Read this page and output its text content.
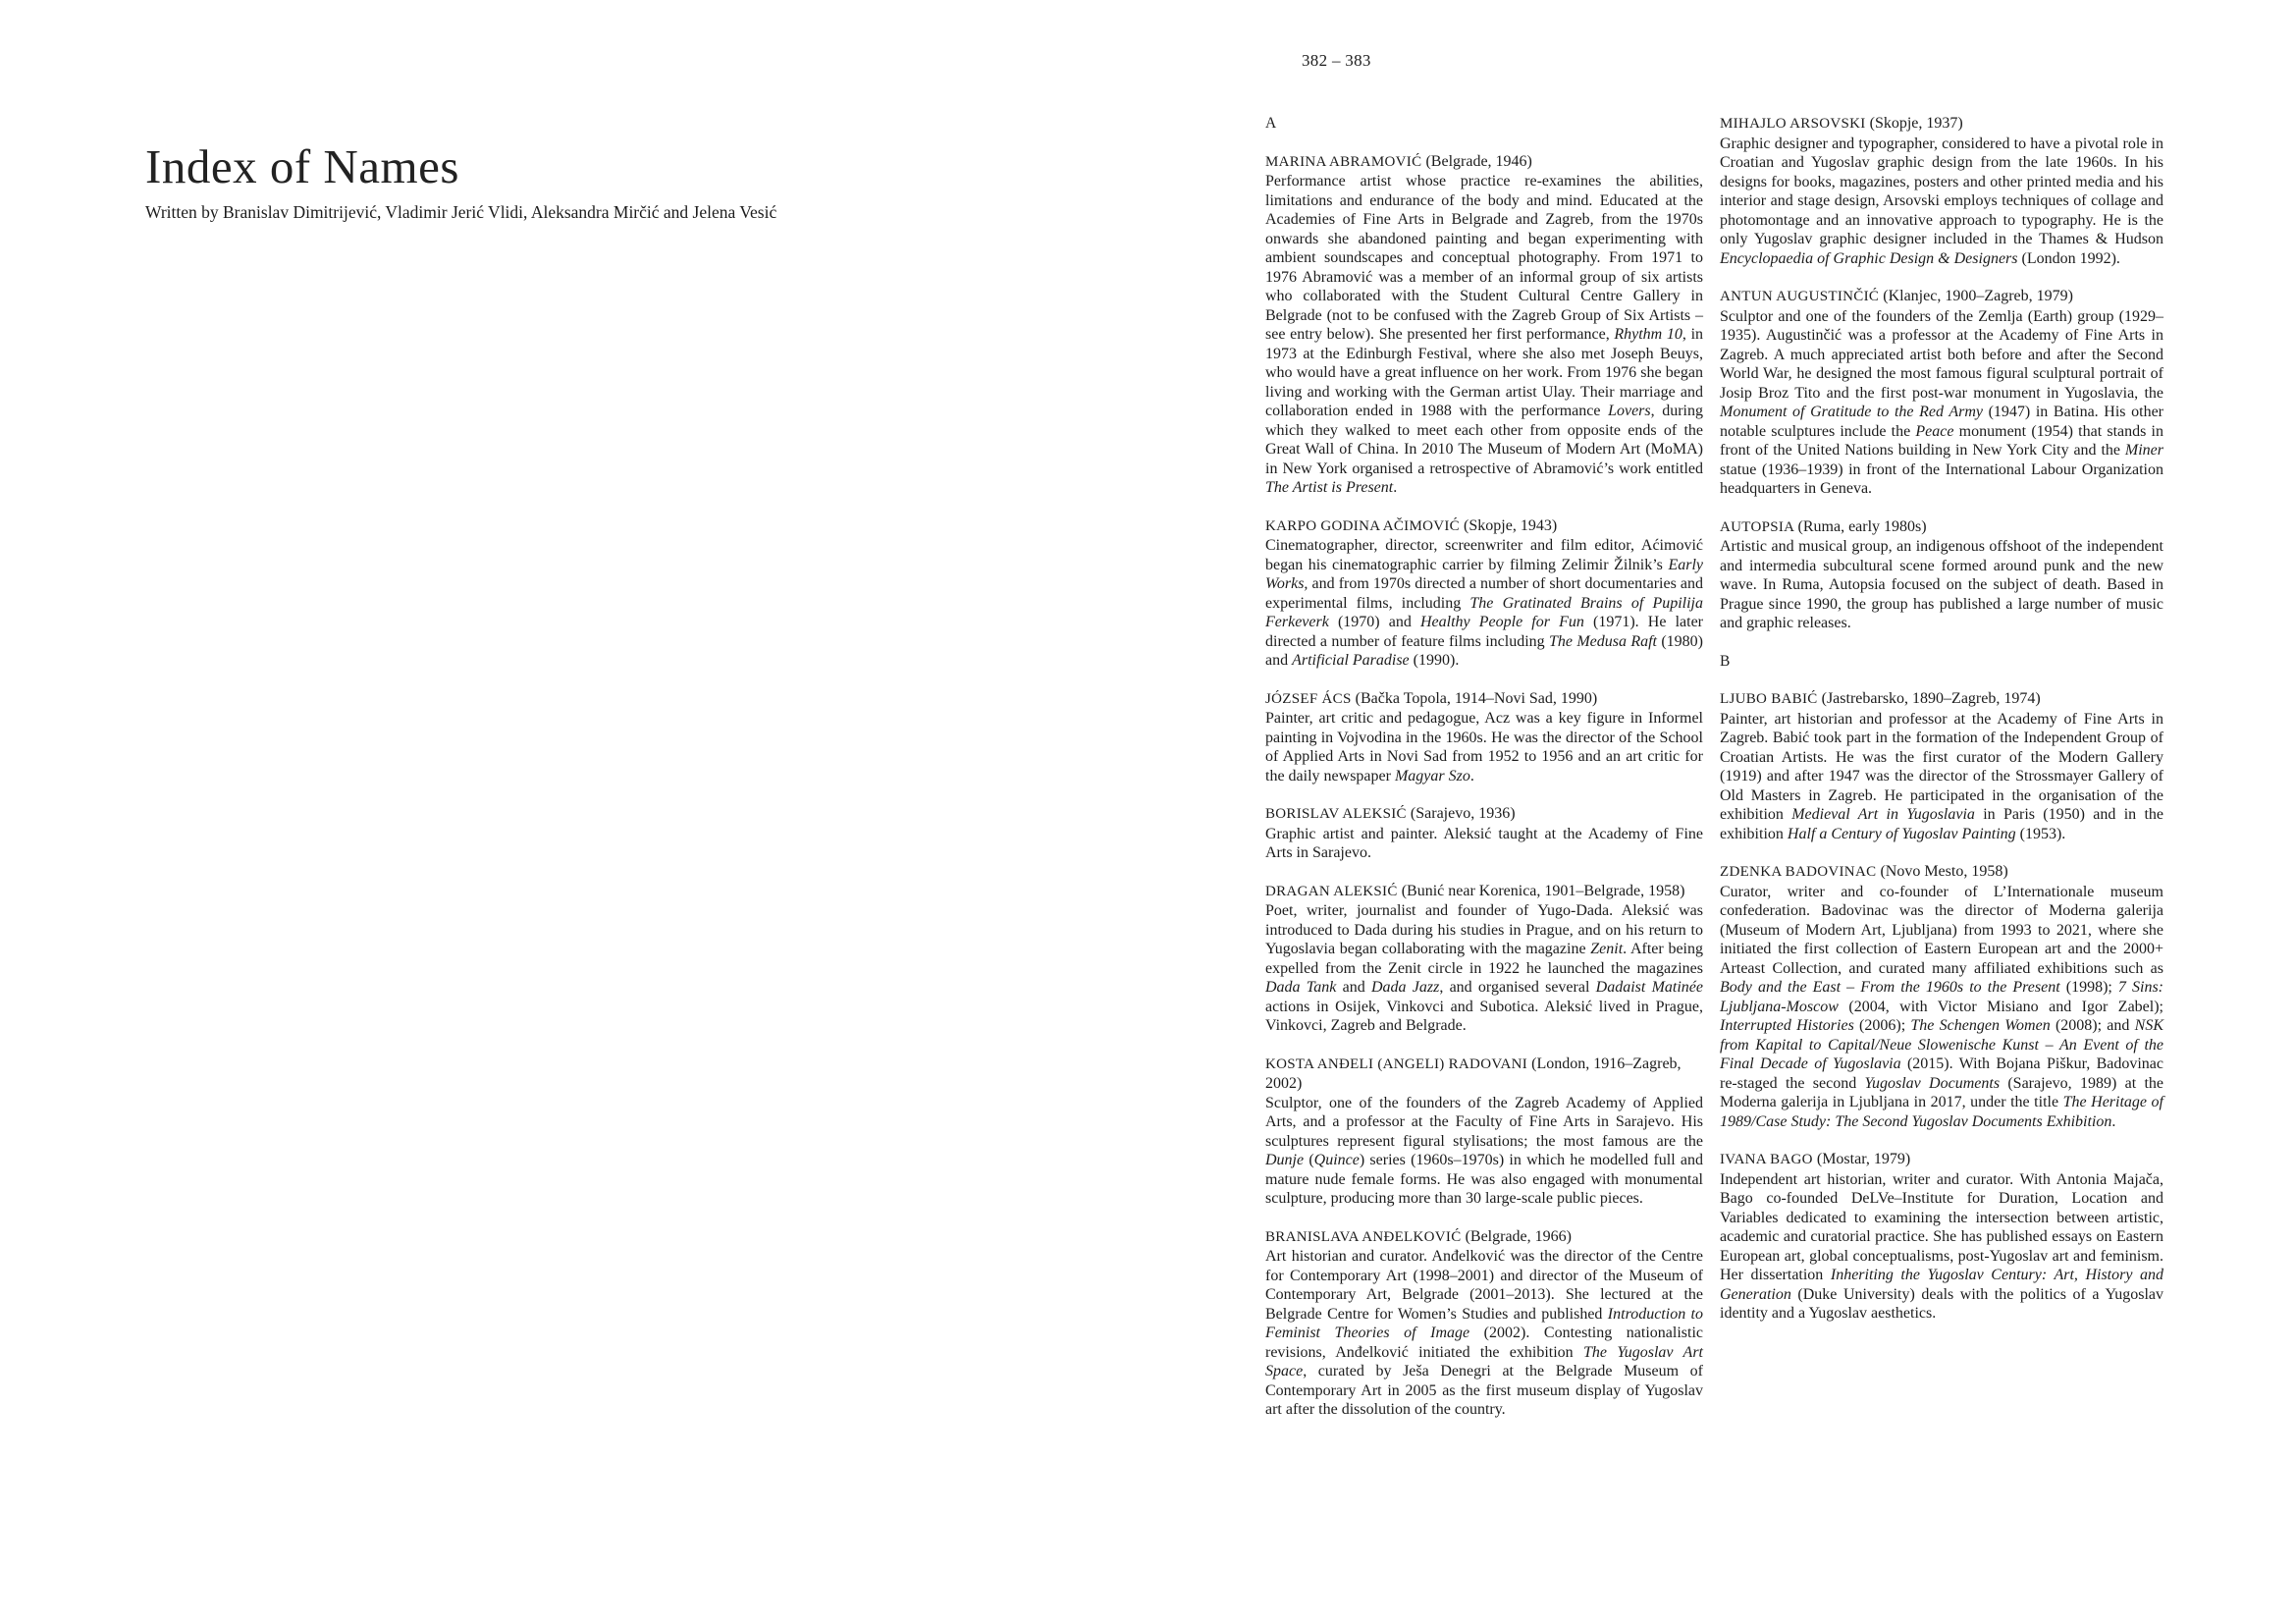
382 – 383
Index of Names
Written by Branislav Dimitrijević, Vladimir Jerić Vlidi, Aleksandra Mirčić and Jelena Vesić
A
MARINA ABRAMOVIĆ (Belgrade, 1946)
Performance artist whose practice re-examines the abilities, limitations and endurance of the body and mind. Educated at the Academies of Fine Arts in Belgrade and Zagreb, from the 1970s onwards she abandoned painting and began experimenting with ambient soundscapes and conceptual photography. From 1971 to 1976 Abramović was a member of an informal group of six artists who collaborated with the Student Cultural Centre Gallery in Belgrade (not to be confused with the Zagreb Group of Six Artists – see entry below). She presented her first performance, Rhythm 10, in 1973 at the Edinburgh Festival, where she also met Joseph Beuys, who would have a great influence on her work. From 1976 she began living and working with the German artist Ulay. Their marriage and collaboration ended in 1988 with the performance Lovers, during which they walked to meet each other from opposite ends of the Great Wall of China. In 2010 The Museum of Modern Art (MoMA) in New York organised a retrospective of Abramović’s work entitled The Artist is Present.
KARPO GODINA AČIMOVIĆ (Skopje, 1943)
Cinematographer, director, screenwriter and film editor, Aćimović began his cinematographic carrier by filming Zelimir Žilnik’s Early Works, and from 1970s directed a number of short documentaries and experimental films, including The Gratinated Brains of Pupilija Ferkeverk (1970) and Healthy People for Fun (1971). He later directed a number of feature films including The Medusa Raft (1980) and Artificial Paradise (1990).
JÓZSEF ÁCS (Bačka Topola, 1914–Novi Sad, 1990)
Painter, art critic and pedagogue, Acz was a key figure in Informel painting in Vojvodina in the 1960s. He was the director of the School of Applied Arts in Novi Sad from 1952 to 1956 and an art critic for the daily newspaper Magyar Szo.
BORISLAV ALEKSIĆ (Sarajevo, 1936)
Graphic artist and painter. Aleksić taught at the Academy of Fine Arts in Sarajevo.
DRAGAN ALEKSIĆ (Bunić near Korenica, 1901–Belgrade, 1958)
Poet, writer, journalist and founder of Yugo-Dada. Aleksić was introduced to Dada during his studies in Prague, and on his return to Yugoslavia began collaborating with the magazine Zenit. After being expelled from the Zenit circle in 1922 he launched the magazines Dada Tank and Dada Jazz, and organised several Dadaist Matinée actions in Osijek, Vinkovci and Subotica. Aleksić lived in Prague, Vinkovci, Zagreb and Belgrade.
KOSTA ANĐELI (ANGELI) RADOVANI (London, 1916–Zagreb, 2002)
Sculptor, one of the founders of the Zagreb Academy of Applied Arts, and a professor at the Faculty of Fine Arts in Sarajevo. His sculptures represent figural stylisations; the most famous are the Dunje (Quince) series (1960s–1970s) in which he modelled full and mature nude female forms. He was also engaged with monumental sculpture, producing more than 30 large-scale public pieces.
BRANISLAVA ANĐELKOVIĆ (Belgrade, 1966)
Art historian and curator. Anđelković was the director of the Centre for Contemporary Art (1998–2001) and director of the Museum of Contemporary Art, Belgrade (2001–2013). She lectured at the Belgrade Centre for Women’s Studies and published Introduction to Feminist Theories of Image (2002). Contesting nationalistic revisions, Anđelković initiated the exhibition The Yugoslav Art Space, curated by Ješa Denegri at the Belgrade Museum of Contemporary Art in 2005 as the first museum display of Yugoslav art after the dissolution of the country.
MIHAJLO ARSOVSKI (Skopje, 1937)
Graphic designer and typographer, considered to have a pivotal role in Croatian and Yugoslav graphic design from the late 1960s. In his designs for books, magazines, posters and other printed media and his interior and stage design, Arsovski employs techniques of collage and photomontage and an innovative approach to typography. He is the only Yugoslav graphic designer included in the Thames & Hudson Encyclopaedia of Graphic Design & Designers (London 1992).
ANTUN AUGUSTINČIĆ (Klanjec, 1900–Zagreb, 1979)
Sculptor and one of the founders of the Zemlja (Earth) group (1929–1935). Augustinčić was a professor at the Academy of Fine Arts in Zagreb. A much appreciated artist both before and after the Second World War, he designed the most famous figural sculptural portrait of Josip Broz Tito and the first post-war monument in Yugoslavia, the Monument of Gratitude to the Red Army (1947) in Batina. His other notable sculptures include the Peace monument (1954) that stands in front of the United Nations building in New York City and the Miner statue (1936–1939) in front of the International Labour Organization headquarters in Geneva.
AUTOPSIA (Ruma, early 1980s)
Artistic and musical group, an indigenous offshoot of the independent and intermedia subcultural scene formed around punk and the new wave. In Ruma, Autopsia focused on the subject of death. Based in Prague since 1990, the group has published a large number of music and graphic releases.
B
LJUBO BABIĆ (Jastrebarsko, 1890–Zagreb, 1974)
Painter, art historian and professor at the Academy of Fine Arts in Zagreb. Babić took part in the formation of the Independent Group of Croatian Artists. He was the first curator of the Modern Gallery (1919) and after 1947 was the director of the Strossmayer Gallery of Old Masters in Zagreb. He participated in the organisation of the exhibition Medieval Art in Yugoslavia in Paris (1950) and in the exhibition Half a Century of Yugoslav Painting (1953).
ZDENKA BADOVINAC (Novo Mesto, 1958)
Curator, writer and co-founder of L’Internationale museum confederation. Badovinac was the director of Moderna galerija (Museum of Modern Art, Ljubljana) from 1993 to 2021, where she initiated the first collection of Eastern European art and the 2000+ Arteast Collection, and curated many affiliated exhibitions such as Body and the East – From the 1960s to the Present (1998); 7 Sins: Ljubljana-Moscow (2004, with Victor Misiano and Igor Zabel); Interrupted Histories (2006); The Schengen Women (2008); and NSK from Kapital to Capital/Neue Slowenische Kunst – An Event of the Final Decade of Yugoslavia (2015). With Bojana Piškur, Badovinac re-staged the second Yugoslav Documents (Sarajevo, 1989) at the Moderna galerija in Ljubljana in 2017, under the title The Heritage of 1989/Case Study: The Second Yugoslav Documents Exhibition.
IVANA BAGO (Mostar, 1979)
Independent art historian, writer and curator. With Antonia Majača, Bago co-founded DeLVe–Institute for Duration, Location and Variables dedicated to examining the intersection between artistic, academic and curatorial practice. She has published essays on Eastern European art, global conceptualisms, post-Yugoslav art and feminism. Her dissertation Inheriting the Yugoslav Century: Art, History and Generation (Duke University) deals with the politics of a Yugoslav identity and a Yugoslav aesthetics.
